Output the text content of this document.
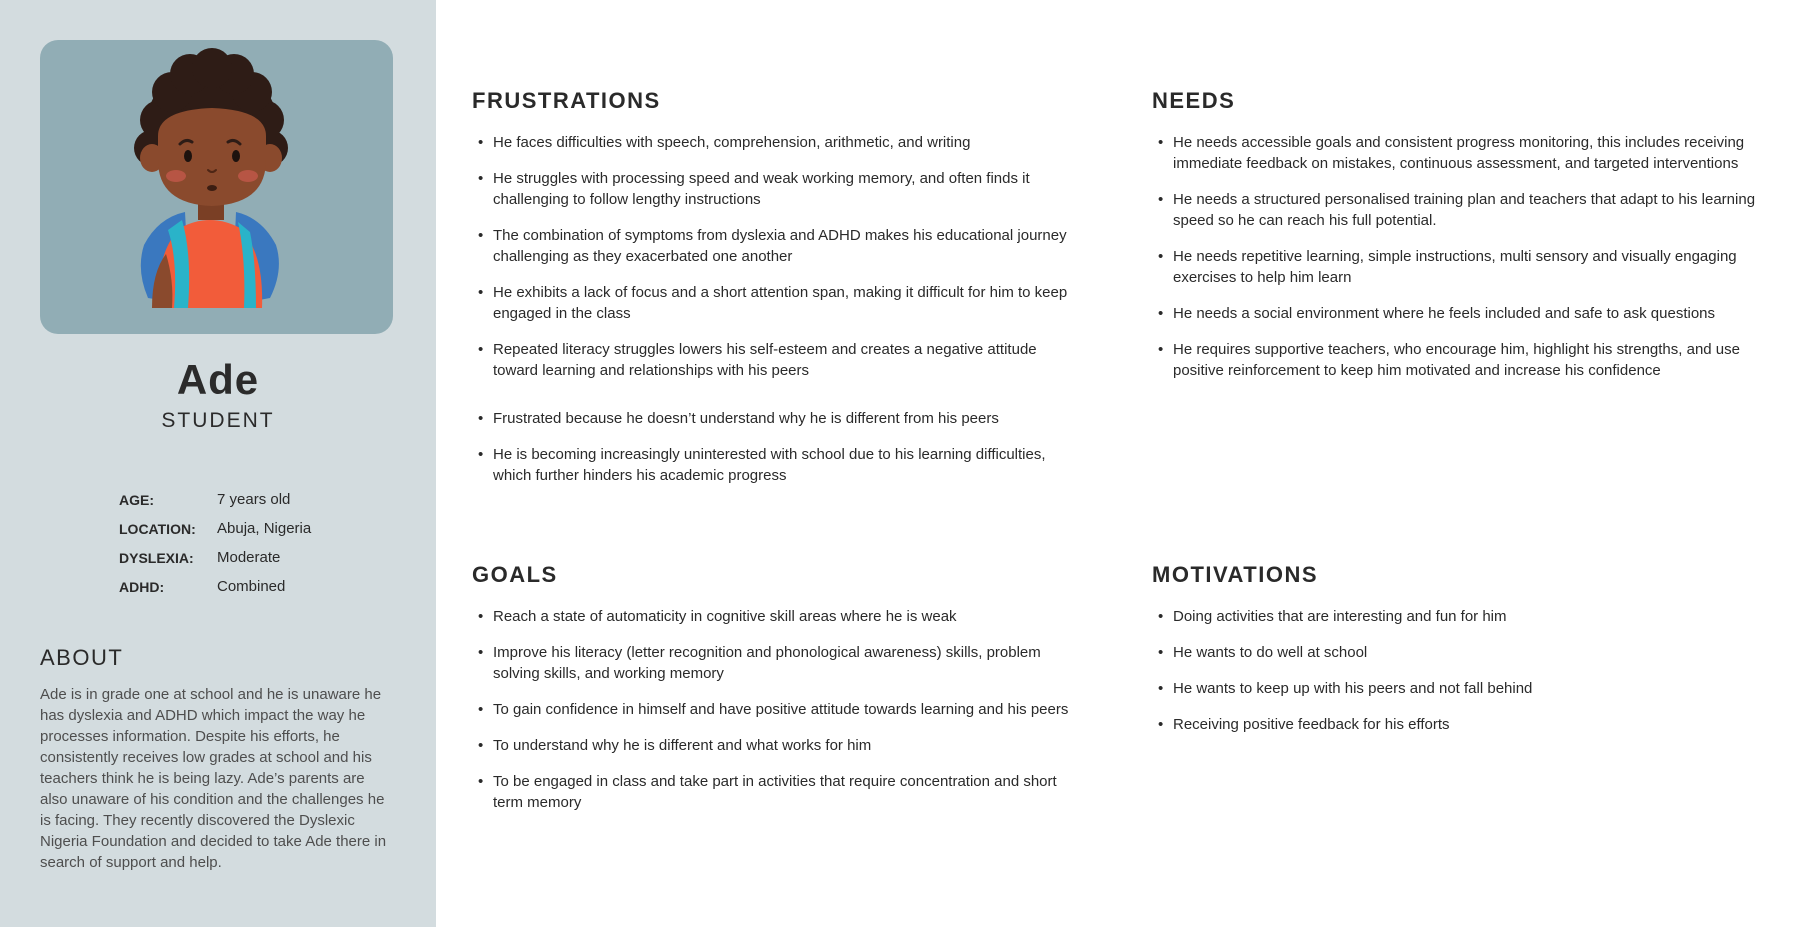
Ade
STUDENT
AGE:	7 years old
LOCATION:	Abuja, Nigeria
DYSLEXIA:	Moderate
ADHD:	Combined
ABOUT

Ade is in grade one at school and he is unaware he has dyslexia and ADHD which impact the way he processes information. Despite his efforts, he consistently receives low grades at school and his teachers think he is being lazy. Ade’s parents are also unaware of his condition and the challenges he is facing. They recently discovered the Dyslexic Nigeria Foundation and decided to take Ade there in search of support and help.

FRUSTRATIONS
• He faces difficulties with speech, comprehension, arithmetic, and writing
• He struggles with processing speed and weak working memory, and often finds it challenging to follow lengthy instructions
• The combination of symptoms from dyslexia and ADHD makes his educational journey challenging as they exacerbated one another
• He exhibits a lack of focus and a short attention span, making it difficult for him to keep engaged in the class
• Repeated literacy struggles lowers his self-esteem and creates a negative attitude toward learning and relationships with his peers
• Frustrated because he doesn’t understand why he is different from his peers
• He is becoming increasingly uninterested with school due to his learning difficulties, which further hinders his academic progress
NEEDS
• He needs accessible goals and consistent progress monitoring, this includes receiving immediate feedback on mistakes, continuous assessment, and targeted interventions
• He needs a structured personalised training plan and teachers that adapt to his learning speed so he can reach his full potential.
• He needs repetitive learning, simple instructions, multi sensory and visually engaging exercises to help him learn
• He needs a social environment where he feels included and safe to ask questions
• He requires supportive teachers, who encourage him, highlight his strengths, and use positive reinforcement to keep him motivated and increase his confidence
GOALS
• Reach a state of automaticity in cognitive skill areas where he is weak
• Improve his literacy (letter recognition and phonological awareness) skills, problem solving skills, and working memory
• To gain confidence in himself and have positive attitude towards learning and his peers
• To understand why he is different and what works for him
• To be engaged in class and take part in activities that require concentration and short term memory
MOTIVATIONS
• Doing activities that are interesting and fun for him
• He wants to do well at school
• He wants to keep up with his peers and not fall behind
• Receiving positive feedback for his efforts
